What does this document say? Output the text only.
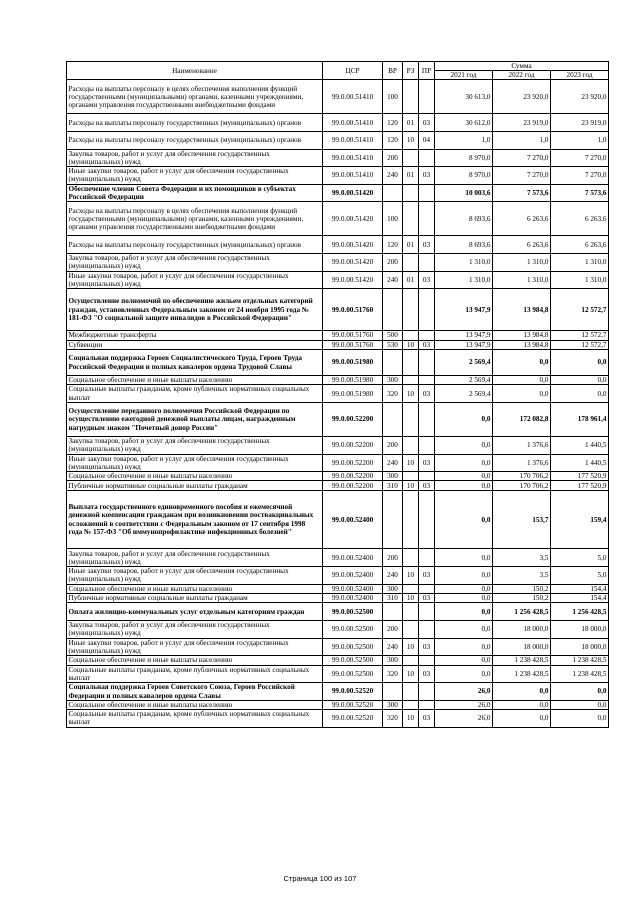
Наименование	ЦСР	ВР	РЗ	ПР	Сумма		
					2021 год	2022 год	2023 год
Расходы на выплаты персоналу в целях обеспечения выполнения функций государственными (муниципальными) органами, казенными учреждениями, органами управления государственными внебюджетными фондами	99.0.00.51410	100			30 613,0	23 920,0	23 920,0
Расходы на выплаты персоналу государственных (муниципальных) органов	99.0.00.51410	120	01	03	30 612,0	23 919,0	23 919,0
Расходы на выплаты персоналу государственных (муниципальных) органов	99.0.00.51410	120	10	04	1,0	1,0	1,0
Закупка товаров, работ и услуг для обеспечения государственных (муниципальных) нужд	99.0.00.51410	200			8 970,0	7 270,0	7 270,0
Иные закупки товаров, работ и услуг для обеспечения государственных (муниципальных) нужд	99.0.00.51410	240	01	03	8 970,0	7 270,0	7 270,0
Обеспечение членов Совета Федерации и их помощников в субъектах Российской Федерации	99.0.00.51420				10 003,6	7 573,6	7 573,6
Расходы на выплаты персоналу в целях обеспечения выполнения функций государственными (муниципальными) органами, казенными учреждениями, органами управления государственными внебюджетными фондами	99.0.00.51420	100			8 693,6	6 263,6	6 263,6
Расходы на выплаты персоналу государственных (муниципальных) органов	99.0.00.51420	120	01	03	8 693,6	6 263,6	6 263,6
Закупка товаров, работ и услуг для обеспечения государственных (муниципальных) нужд	99.0.00.51420	200			1 310,0	1 310,0	1 310,0
Иные закупки товаров, работ и услуг для обеспечения государственных (муниципальных) нужд	99.0.00.51420	240	01	03	1 310,0	1 310,0	1 310,0
Осуществление полномочий по обеспечению жильем отдельных категорий граждан, установленных Федеральным законом от 24 ноября 1995 года № 181-ФЗ "О социальной защите инвалидов в Российской Федерации"	99.0.00.51760				13 947,9	13 984,8	12 572,7
Межбюджетные трансферты	99.0.00.51760	500			13 947,9	13 984,8	12 572,7
Субвенции	99.0.00.51760	530	10	03	13 947,9	13 984,8	12 572,7
Социальная поддержка Героев Социалистического Труда, Героев Труда Российской Федерации и полных кавалеров ордена Трудовой Славы	99.0.00.51980				2 569,4	0,0	0,0
Социальное обеспечение и иные выплаты населению	99.0.00.51980	300			2 569,4	0,0	0,0
Социальные выплаты гражданам, кроме публичных нормативных социальных выплат	99.0.00.51980	320	10	03	2 569,4	0,0	0,0
Осуществление переданного полномочия Российской Федерации по осуществлению ежегодной денежной выплаты лицам, награжденным нагрудным знаком "Почетный донор России"	99.0.00.52200				0,0	172 082,8	178 961,4
Закупка товаров, работ и услуг для обеспечения государственных (муниципальных) нужд	99.0.00.52200	200			0,0	1 376,6	1 440,5
Иные закупки товаров, работ и услуг для обеспечения государственных (муниципальных) нужд	99.0.00.52200	240	10	03	0,0	1 376,6	1 440,5
Социальное обеспечение и иные выплаты населению	99.0.00.52200	300			0,0	170 706,2	177 520,9
Публичные нормативные социальные выплаты гражданам	99.0.00.52200	310	10	03	0,0	170 706,2	177 520,9
Выплата государственного единовременного пособия и ежемесячной денежной компенсации гражданам при возникновении поствакцинальных осложнений в соответствии с Федеральным законом от 17 сентября 1998 года № 157-ФЗ "Об иммунопрофилактике инфекционных болезней"	99.0.00.52400				0,0	153,7	159,4
Закупка товаров, работ и услуг для обеспечения государственных (муниципальных) нужд	99.0.00.52400	200			0,0	3,5	5,0
Иные закупки товаров, работ и услуг для обеспечения государственных (муниципальных) нужд	99.0.00.52400	240	10	03	0,0	3,5	5,0
Социальное обеспечение и иные выплаты населению	99.0.00.52400	300			0,0	150,2	154,4
Публичные нормативные социальные выплаты гражданам	99.0.00.52400	310	10	03	0,0	150,2	154,4
Оплата жилищно-коммунальных услуг отдельным категориям граждан	99.0.00.52500				0,0	1 256 428,5	1 256 428,5
Закупка товаров, работ и услуг для обеспечения государственных (муниципальных) нужд	99.0.00.52500	200			0,0	18 000,0	18 000,0
Иные закупки товаров, работ и услуг для обеспечения государственных (муниципальных) нужд	99.0.00.52500	240	10	03	0,0	18 000,0	18 000,0
Социальное обеспечение и иные выплаты населению	99.0.00.52500	300			0,0	1 238 428,5	1 238 428,5
Социальные выплаты гражданам, кроме публичных нормативных социальных выплат	99.0.00.52500	320	10	03	0,0	1 238 428,5	1 238 428,5
Социальная поддержка Героев Советского Союза, Героев Российской Федерации и полных кавалеров ордена Славы	99.0.00.52520				26,0	0,0	0,0
Социальное обеспечение и иные выплаты населению	99.0.00.52520	300			26,0	0,0	0,0
Социальные выплаты гражданам, кроме публичных нормативных социальных выплат	99.0.00.52520	320	10	03	26,0	0,0	0,0
Страница 100 из 107
